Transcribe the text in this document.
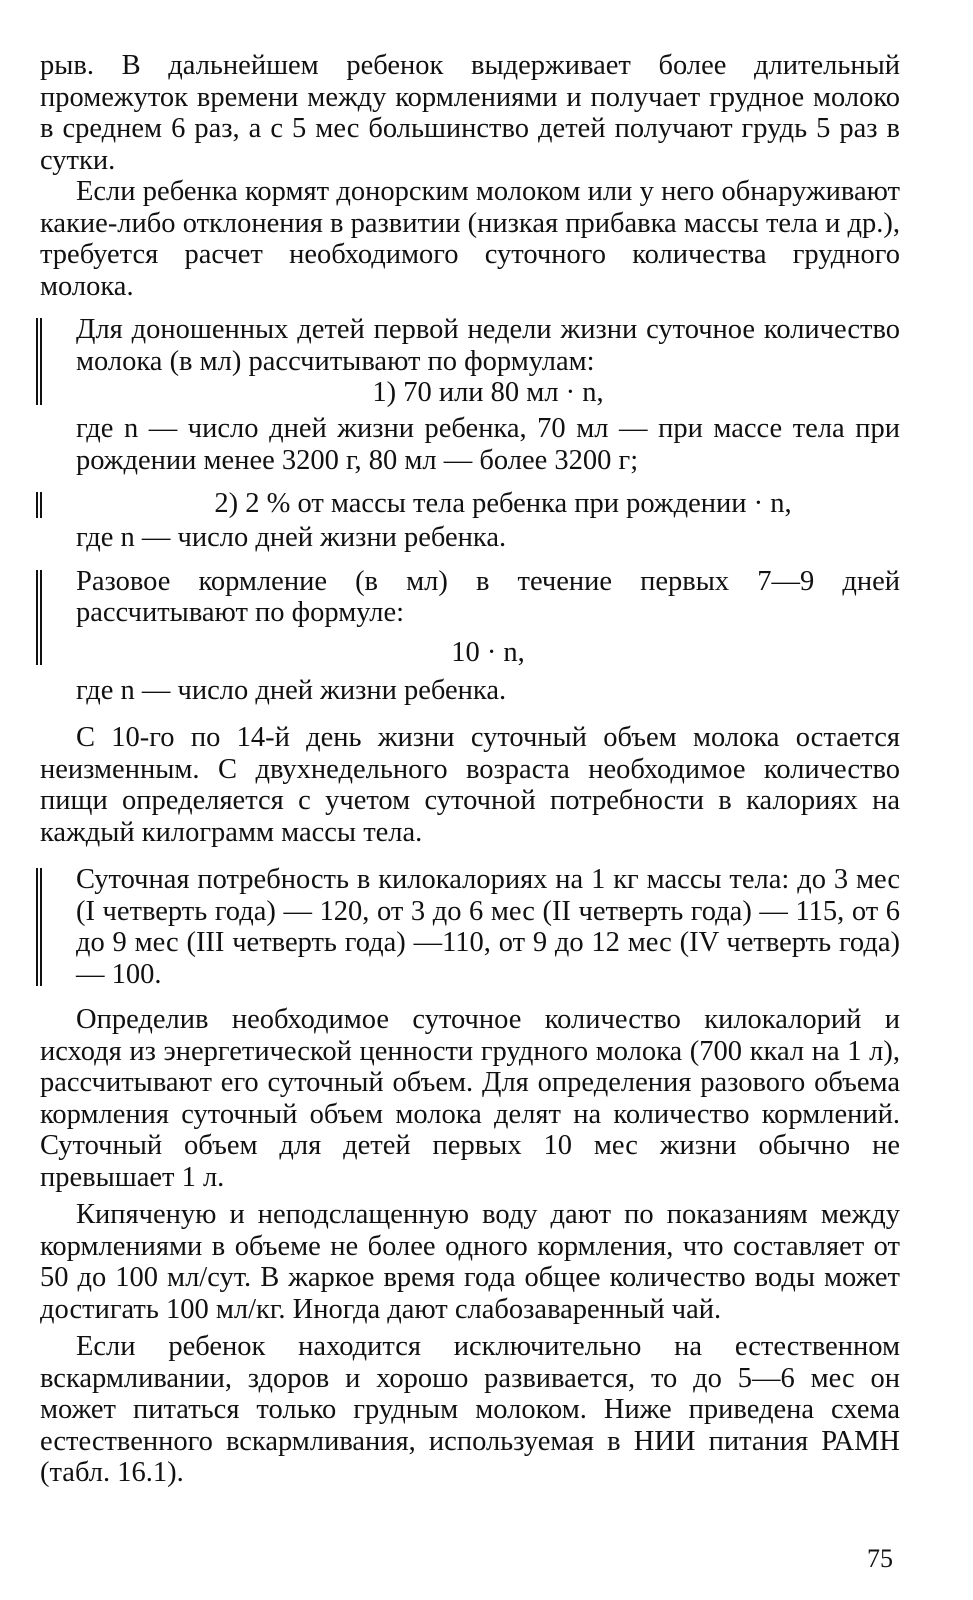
рыв. В дальнейшем ребенок выдерживает более длительный промежуток времени между кормлениями и получает грудное молоко в среднем 6 раз, а с 5 мес большинство детей получают грудь 5 раз в сутки.

Если ребенка кормят донорским молоком или у него обнаруживают какие-либо отклонения в развитии (низкая прибавка массы тела и др.), требуется расчет необходимого суточного количества грудного молока.

Для доношенных детей первой недели жизни суточное количество молока (в мл) рассчитывают по формулам:

1) 70 или 80 мл · n,

где n — число дней жизни ребенка, 70 мл — при массе тела при рождении менее 3200 г, 80 мл — более 3200 г;

2) 2 % от массы тела ребенка при рождении · n,

где n — число дней жизни ребенка.

Разовое кормление (в мл) в течение первых 7—9 дней рассчитывают по формуле:

10 · n,

где n — число дней жизни ребенка.

С 10-го по 14-й день жизни суточный объем молока остается неизменным. С двухнедельного возраста необходимое количество пищи определяется с учетом суточной потребности в калориях на каждый килограмм массы тела.

Суточная потребность в килокалориях на 1 кг массы тела: до 3 мес (I четверть года) — 120, от 3 до 6 мес (II четверть года) — 115, от 6 до 9 мес (III четверть года) —110, от 9 до 12 мес (IV четверть года) — 100.

Определив необходимое суточное количество килокалорий и исходя из энергетической ценности грудного молока (700 ккал на 1 л), рассчитывают его суточный объем. Для определения разового объема кормления суточный объем молока делят на количество кормлений. Суточный объем для детей первых 10 мес жизни обычно не превышает 1 л.

Кипяченую и неподслащенную воду дают по показаниям между кормлениями в объеме не более одного кормления, что составляет от 50 до 100 мл/сут. В жаркое время года общее количество воды может достигать 100 мл/кг. Иногда дают слабозаваренный чай.

Если ребенок находится исключительно на естественном вскармливании, здоров и хорошо развивается, то до 5—6 мес он может питаться только грудным молоком. Ниже приведена схема естественного вскармливания, используемая в НИИ питания РАМН (табл. 16.1).

75
